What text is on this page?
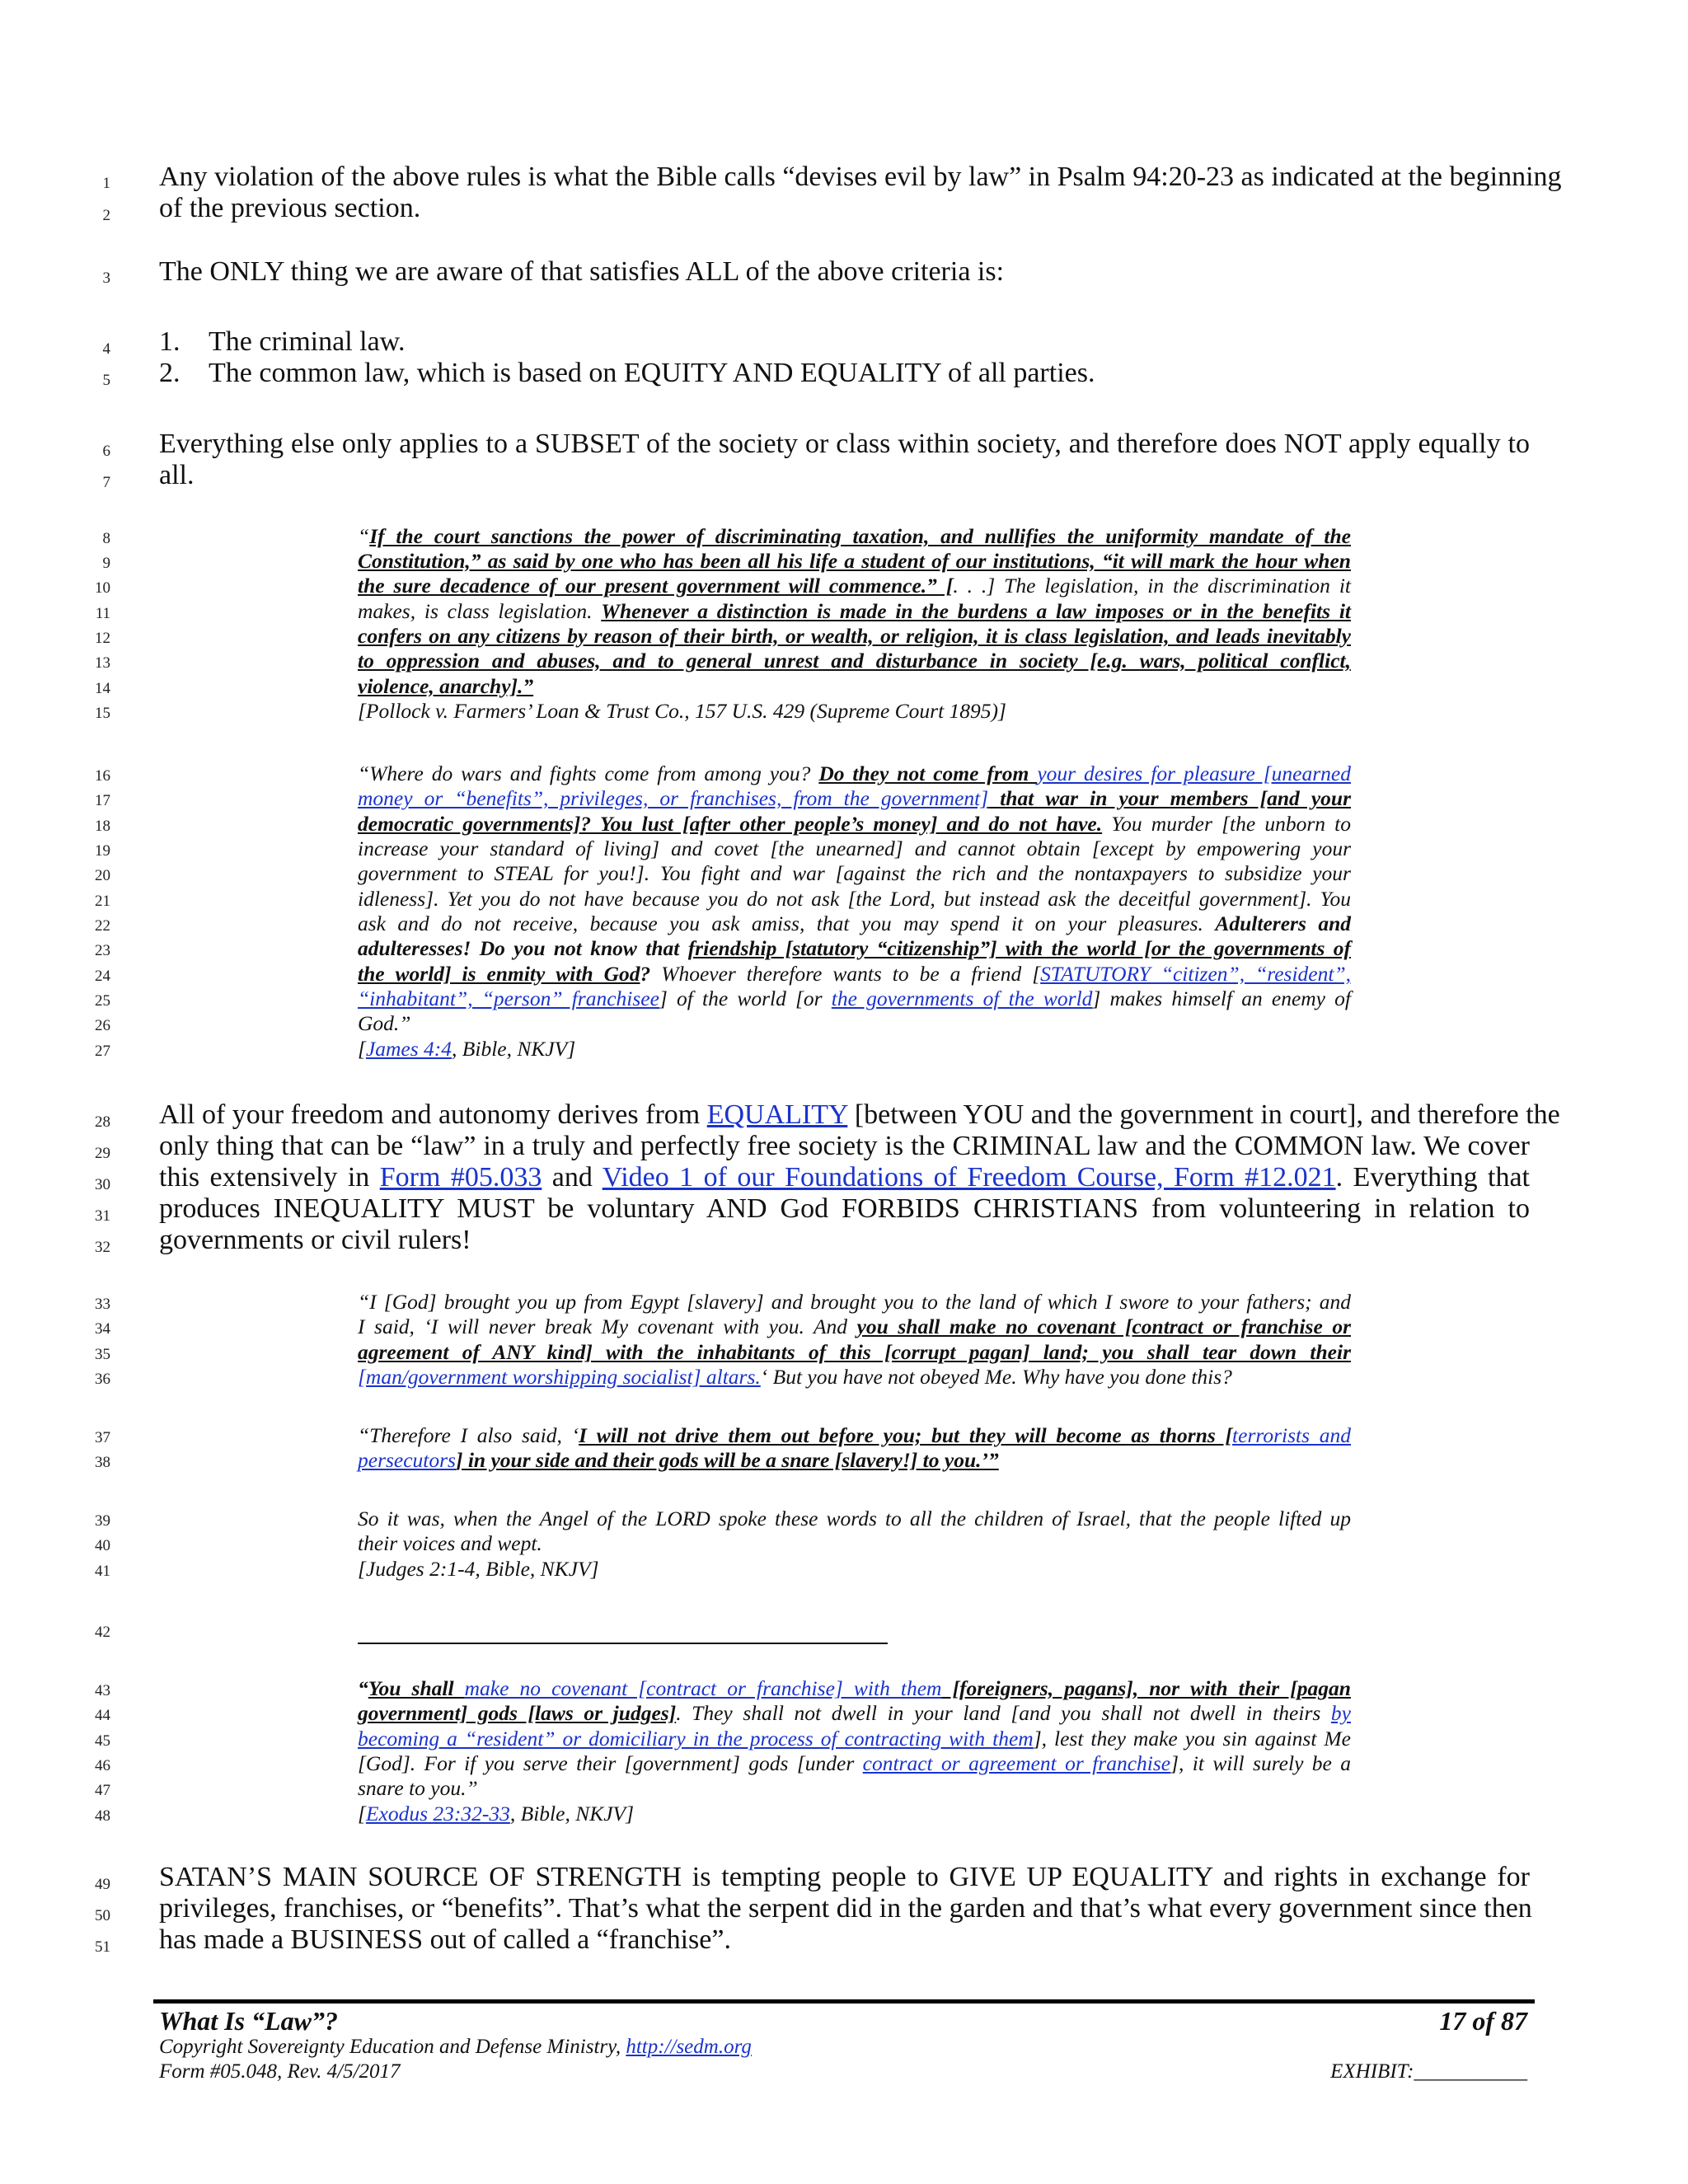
1
2
3
4
5
6
7
8
9
10
11
12
13
14
15
16
17
18
19
20
21
22
23
24
25
26
27
28
29
30
31
32
33
34
35
36
37
38
39
40
41
42
43
44
45
46
47
48
49
50
51
Any violation of the above rules is what the Bible calls “devises evil by law” in Psalm 94:20-23 as indicated at the beginning
of the previous section.
The ONLY thing we are aware of that satisfies ALL of the above criteria is:
1. The criminal law.
2. The common law, which is based on EQUITY AND EQUALITY of all parties.
Everything else only applies to a SUBSET of the society or class within society, and therefore does NOT apply equally to
all.
“If the court sanctions the power of discriminating taxation, and nullifies the uniformity mandate of the
Constitution,” as said by one who has been all his life a student of our institutions, “it will mark the hour when
the sure decadence of our present government will commence.” [. . .] The legislation, in the discrimination it
makes, is class legislation. Whenever a distinction is made in the burdens a law imposes or in the benefits it
confers on any citizens by reason of their birth, or wealth, or religion, it is class legislation, and leads inevitably
to oppression and abuses, and to general unrest and disturbance in society [e.g. wars, political conflict,
violence, anarchy].”
[Pollock v. Farmers’ Loan & Trust Co., 157 U.S. 429 (Supreme Court 1895)]
“Where do wars and fights come from among you? Do they not come from your desires for pleasure [unearned
money or “benefits”, privileges, or franchises, from the government] that war in your members [and your
democratic governments]? You lust [after other people’s money] and do not have. You murder [the unborn to
increase your standard of living] and covet [the unearned] and cannot obtain [except by empowering your
government to STEAL for you!]. You fight and war [against the rich and the nontaxpayers to subsidize your
idleness]. Yet you do not have because you do not ask [the Lord, but instead ask the deceitful government]. You
ask and do not receive, because you ask amiss, that you may spend it on your pleasures. Adulterers and
adulteresses! Do you not know that friendship [statutory “citizenship”] with the world [or the governments of
the world] is enmity with God? Whoever therefore wants to be a friend [STATUTORY “citizen”, “resident”,
“inhabitant”, “person” franchisee] of the world [or the governments of the world] makes himself an enemy of
God.”
[James 4:4, Bible, NKJV]
All of your freedom and autonomy derives from EQUALITY [between YOU and the government in court], and therefore the
only thing that can be “law” in a truly and perfectly free society is the CRIMINAL law and the COMMON law. We cover
this extensively in Form #05.033 and Video 1 of our Foundations of Freedom Course, Form #12.021. Everything that
produces INEQUALITY MUST be voluntary AND God FORBIDS CHRISTIANS from volunteering in relation to
governments or civil rulers!
“I [God] brought you up from Egypt [slavery] and brought you to the land of which I swore to your fathers; and
I said, ‘I will never break My covenant with you. And you shall make no covenant [contract or franchise or
agreement of ANY kind] with the inhabitants of this [corrupt pagan] land; you shall tear down their
[man/government worshipping socialist] altars.‘ But you have not obeyed Me. Why have you done this?
“Therefore I also said, ‘I will not drive them out before you; but they will become as thorns [terrorists and
persecutors] in your side and their gods will be a snare [slavery!] to you.’”
So it was, when the Angel of the LORD spoke these words to all the children of Israel, that the people lifted up
their voices and wept.
[Judges 2:1-4, Bible, NKJV]
“You shall make no covenant [contract or franchise] with them [foreigners, pagans], nor with their [pagan
government] gods [laws or judges]. They shall not dwell in your land [and you shall not dwell in theirs by
becoming a “resident” or domiciliary in the process of contracting with them], lest they make you sin against Me
[God]. For if you serve their [government] gods [under contract or agreement or franchise], it will surely be a
snare to you.”
[Exodus 23:32-33, Bible, NKJV]
SATAN’S MAIN SOURCE OF STRENGTH is tempting people to GIVE UP EQUALITY and rights in exchange for
privileges, franchises, or “benefits”. That’s what the serpent did in the garden and that’s what every government since then
has made a BUSINESS out of called a “franchise”.
What Is “Law”?	17 of 87
Copyright Sovereignty Education and Defense Ministry, http://sedm.org
Form #05.048, Rev. 4/5/2017	EXHIBIT:___________
